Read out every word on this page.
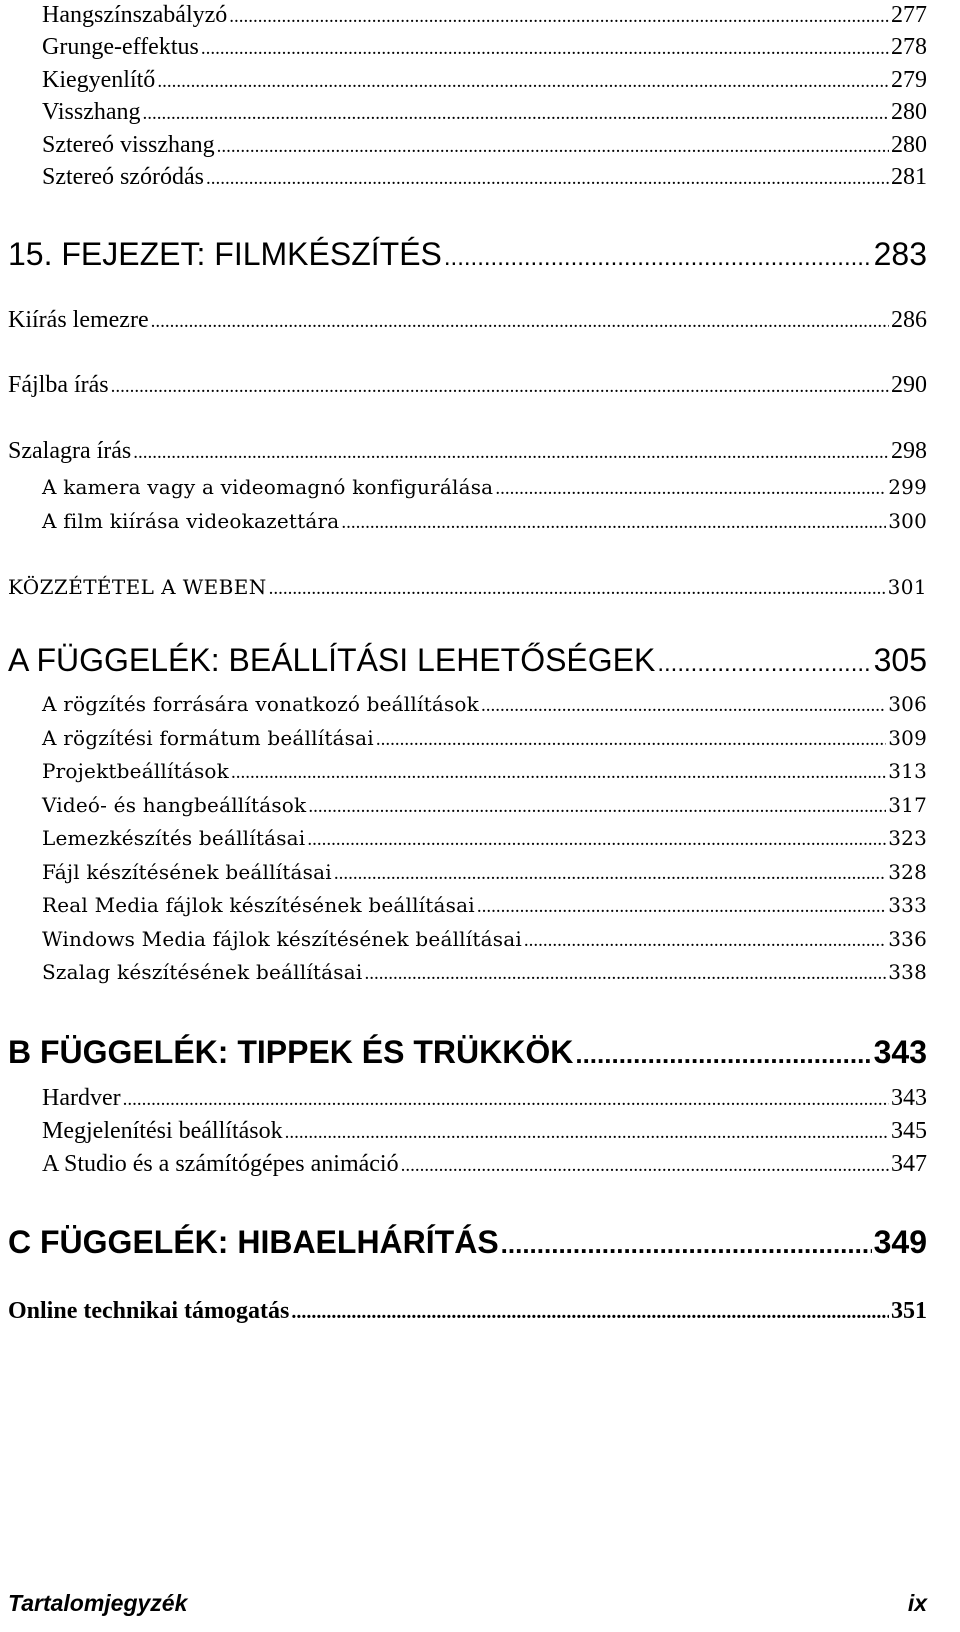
Hangszínszabályzó .....	277
Grunge-effektus .....	278
Kiegyenlítő .....	279
Visszhang .....	280
Sztereó visszhang .....	280
Sztereó szóródás .....	281
15. FEJEZET: FILMKÉSZÍTÉS .....	283
Kiírás lemezre .....	286
Fájlba írás .....	290
Szalagra írás .....	298
A kamera vagy a videomagnó konfigurálása .....	299
A film kiírása videokazettára .....	300
KÖZZÉTÉTEL A WEBEN .....	301
A FÜGGELÉK: BEÁLLÍTÁSI LEHETŐSÉGEK .....	305
A rögzítés forrására vonatkozó beállítások .....	306
A rögzítési formátum beállításai .....	309
Projektbeállítások .....	313
Videó- és hangbeállítások .....	317
Lemezkészítés beállításai .....	323
Fájl készítésének beállításai .....	328
Real Media fájlok készítésének beállításai .....	333
Windows Media fájlok készítésének beállításai .....	336
Szalag készítésének beállításai .....	338
B FÜGGELÉK: TIPPEK ÉS TRÜKKÖK .....	343
Hardver .....	343
Megjelenítési beállítások .....	345
A Studio és a számítógépes animáció .....	347
C FÜGGELÉK: HIBAELHÁRÍTÁS .....	349
Online technikai támogatás .....	351
Tartalomjegyzék	ix
